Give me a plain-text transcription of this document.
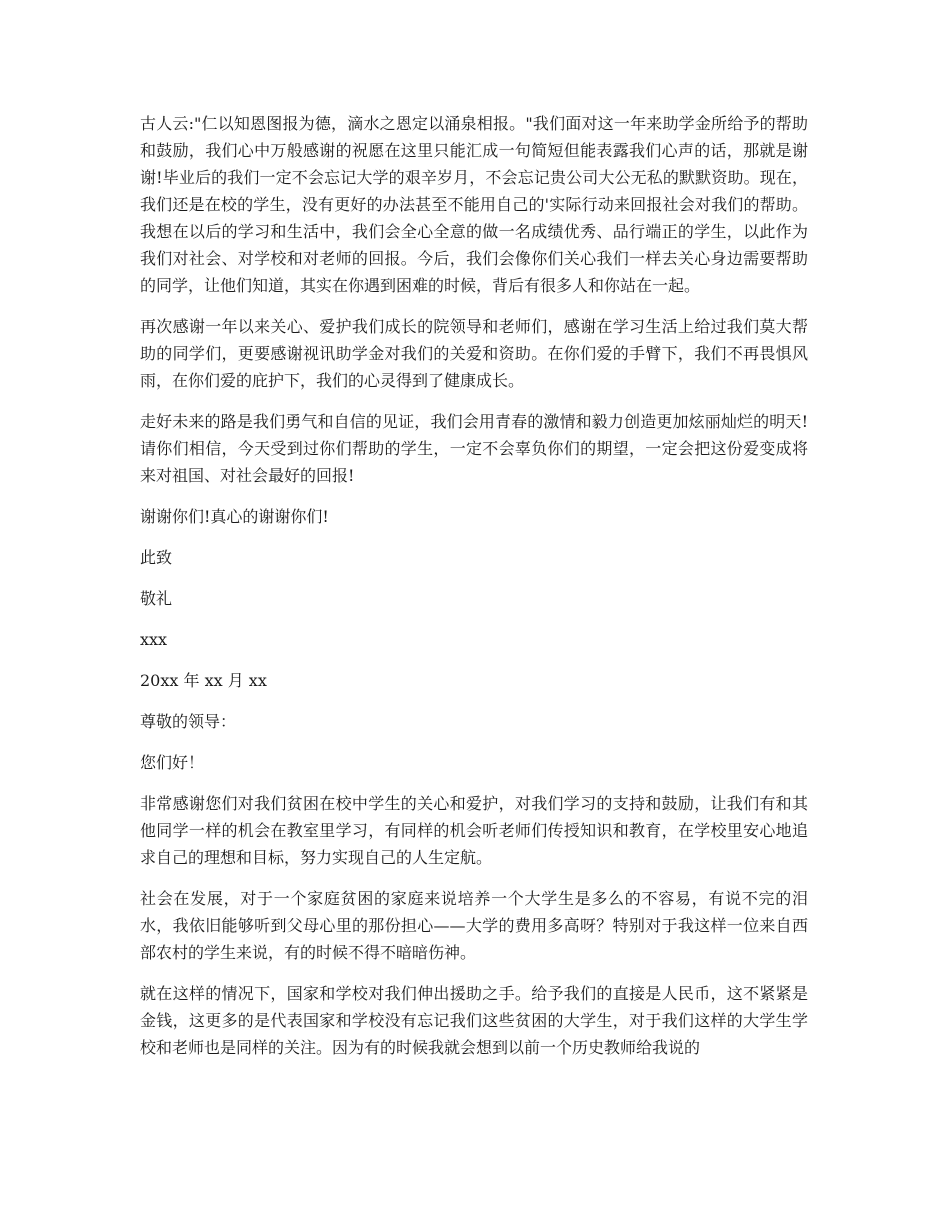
古人云:"仁以知恩图报为德，滴水之恩定以涌泉相报。"我们面对这一年来助学金所给予的帮助和鼓励，我们心中万般感谢的祝愿在这里只能汇成一句简短但能表露我们心声的话，那就是谢谢!毕业后的我们一定不会忘记大学的艰辛岁月，不会忘记贵公司大公无私的默默资助。现在，我们还是在校的学生，没有更好的办法甚至不能用自己的'实际行动来回报社会对我们的帮助。我想在以后的学习和生活中，我们会全心全意的做一名成绩优秀、品行端正的学生，以此作为我们对社会、对学校和对老师的回报。今后，我们会像你们关心我们一样去关心身边需要帮助的同学，让他们知道，其实在你遇到困难的时候，背后有很多人和你站在一起。

再次感谢一年以来关心、爱护我们成长的院领导和老师们，感谢在学习生活上给过我们莫大帮助的同学们，更要感谢视讯助学金对我们的关爱和资助。在你们爱的手臂下，我们不再畏惧风雨，在你们爱的庇护下，我们的心灵得到了健康成长。

走好未来的路是我们勇气和自信的见证，我们会用青春的激情和毅力创造更加炫丽灿烂的明天!请你们相信，今天受到过你们帮助的学生，一定不会辜负你们的期望，一定会把这份爱变成将来对祖国、对社会最好的回报!

谢谢你们!真心的谢谢你们!

此致

敬礼

xxx

20xx 年 xx 月 xx

尊敬的领导：

您们好！

非常感谢您们对我们贫困在校中学生的关心和爱护，对我们学习的支持和鼓励，让我们有和其他同学一样的机会在教室里学习，有同样的机会听老师们传授知识和教育，在学校里安心地追求自己的理想和目标，努力实现自己的人生定航。

社会在发展，对于一个家庭贫困的家庭来说培养一个大学生是多么的不容易，有说不完的泪水，我依旧能够听到父母心里的那份担心——大学的费用多高呀？特别对于我这样一位来自西部农村的学生来说，有的时候不得不暗暗伤神。

就在这样的情况下，国家和学校对我们伸出援助之手。给予我们的直接是人民币，这不紧紧是金钱，这更多的是代表国家和学校没有忘记我们这些贫困的大学生，对于我们这样的大学生学校和老师也是同样的关注。因为有的时候我就会想到以前一个历史教师给我说的
